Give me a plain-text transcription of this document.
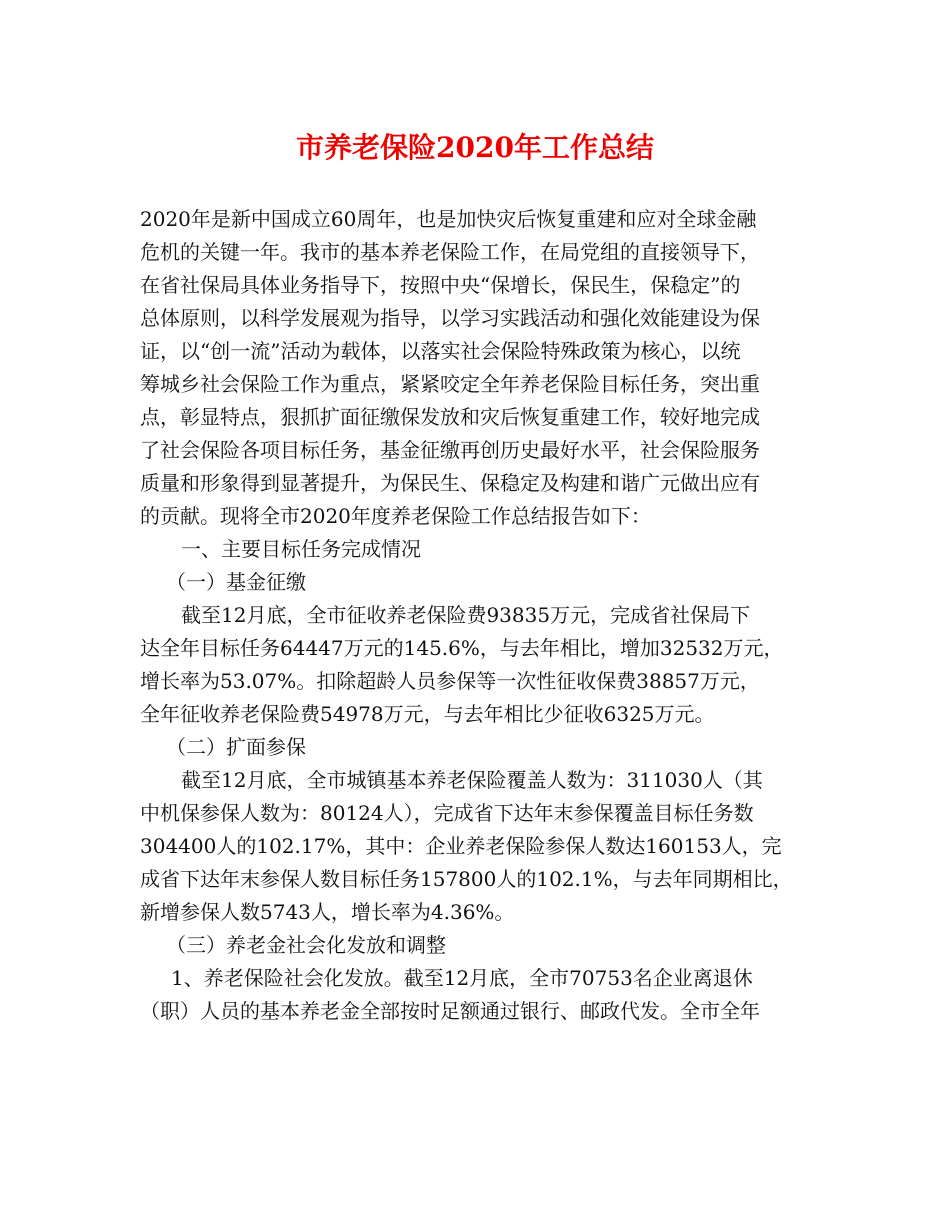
市养老保险2020年工作总结
2020年是新中国成立60周年，也是加快灾后恢复重建和应对全球金融
危机的关键一年。我市的基本养老保险工作，在局党组的直接领导下，
在省社保局具体业务指导下，按照中央“保增长，保民生，保稳定”的
总体原则，以科学发展观为指导，以学习实践活动和强化效能建设为保
证，以“创一流”活动为载体，以落实社会保险特殊政策为核心，以统
筹城乡社会保险工作为重点，紧紧咬定全年养老保险目标任务，突出重
点，彰显特点，狠抓扩面征缴保发放和灾后恢复重建工作，较好地完成
了社会保险各项目标任务，基金征缴再创历史最好水平，社会保险服务
质量和形象得到显著提升，为保民生、保稳定及构建和谐广元做出应有
的贡献。现将全市2020年度养老保险工作总结报告如下：
一、主要目标任务完成情况
（一）基金征缴
截至12月底，全市征收养老保险费93835万元，完成省社保局下
达全年目标任务64447万元的145.6%，与去年相比，增加32532万元，
增长率为53.07%。扣除超龄人员参保等一次性征收保费38857万元，
全年征收养老保险费54978万元，与去年相比少征收6325万元。
（二）扩面参保
截至12月底，全市城镇基本养老保险覆盖人数为：311030人（其
中机保参保人数为：80124人），完成省下达年末参保覆盖目标任务数
304400人的102.17%，其中：企业养老保险参保人数达160153人，完
成省下达年末参保人数目标任务157800人的102.1%，与去年同期相比，
新增参保人数5743人，增长率为4.36%。
（三）养老金社会化发放和调整
1、养老保险社会化发放。截至12月底，全市70753名企业离退休
（职）人员的基本养老金全部按时足额通过银行、邮政代发。全市全年
